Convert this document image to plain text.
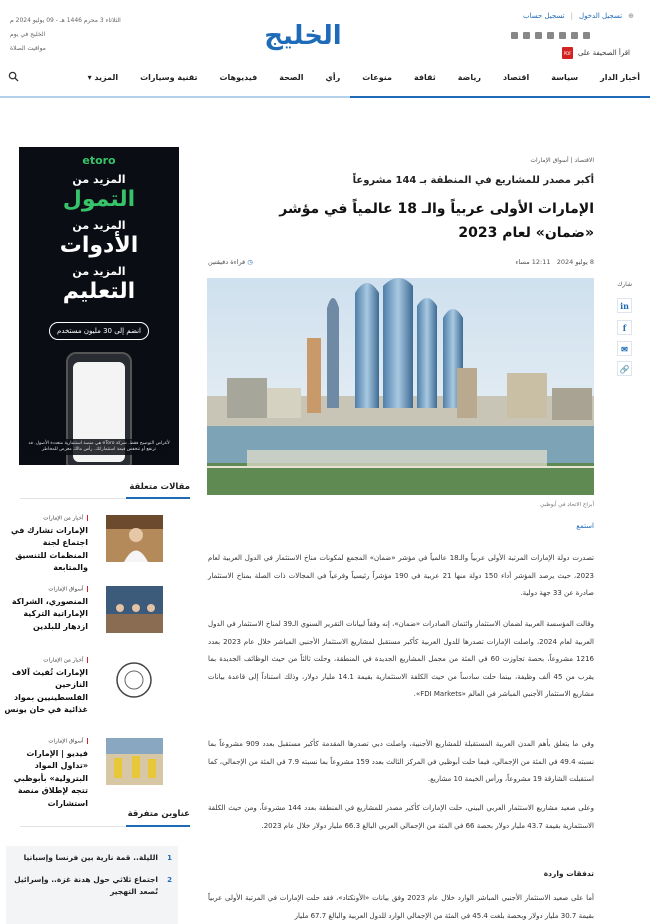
⊕
تسجيل الدخول
|
تسجيل حساب
اقرأ الصحيفة على
PDF
الخليج
الثلاثاء 3 محرم 1446 هـ - 09 يوليو 2024 م
الخليج في يوم
مواقيت الصلاة
أخبار الدار
سياسة
اقتصاد
رياضة
ثقافة
منوعات
رأي
الصحة
فيديوهات
تقنية وسيارات
المزيد ▾
etoro
المزيد من
التمول
المزيد من
الأدوات
المزيد من
التعليم
انضم إلى 30 مليون مستخدم
لأغراض التوضيح فقط. شركة eToro هي منصة استثمارية متعددة الأصول. قد ترتفع أو تنخفض قيمة استثماراتك. رأس مالك معرض للمخاطر
الاقتصاد | أسواق الإمارات
أكبر مصدر للمشاريع في المنطقة بـ 144 مشروعاً
الإمارات الأولى عربياً والـ 18 عالمياً في مؤشر «ضمان» لعام 2023
8 يوليو 2024   12:11 مساء
◷ قراءة دقيقتين
أبراج الاتحاد في أبوظبي
استمع
تصدرت دولة الإمارات المرتبة الأولى عربياً والـ18 عالمياً في مؤشر «ضمان» المجمع لمكونات مناخ الاستثمار في الدول العربية لعام 2023، حيث يرصد المؤشر أداء 150 دولة منها 21 عربية في 190 مؤشراً رئيسياً وفرعياً في المجالات ذات الصلة بمناخ الاستثمار صادرة عن 33 جهة دولية.
وقالت المؤسسة العربية لضمان الاستثمار وائتمان الصادرات «ضمان»، إنه وفقاً لبيانات التقرير السنوي الـ39 لمناخ الاستثمار في الدول العربية لعام 2024، واصلت الإمارات تصدرها للدول العربية كأكبر مستقبل لمشاريع الاستثمار الأجنبي المباشر خلال عام 2023 بعدد 1216 مشروعاً، بحصة تجاوزت 60 في المئة من مجمل المشاريع الجديدة في المنطقة، وحلت ثالثاً من حيث الوظائف الجديدة بما يقرب من 45 ألف وظيفة، بينما حلت سادساً من حيث الكلفة الاستثمارية بقيمة 14.1 مليار دولار، وذلك استناداً إلى قاعدة بيانات مشاريع الاستثمار الأجنبي المباشر في العالم «FDI Markets».
وفي ما يتعلق بأهم المدن العربية المستقبلة للمشاريع الأجنبية، واصلت دبي تصدرها المقدمة كأكبر مستقبل بعدد 909 مشروعاً بما نسبته 49.4 في المئة من الإجمالي، فيما حلت أبوظبي في المركز الثالث بعدد 159 مشروعاً بما نسبته 7.9 في المئة من الإجمالي، كما استقبلت الشارقة 19 مشروعاً، ورأس الخيمة 10 مشاريع.
وعلى صعيد مشاريع الاستثمار العربي البيني، حلت الإمارات كأكبر مصدر للمشاريع في المنطقة بعدد 144 مشروعاً، ومن حيث الكلفة الاستثمارية بقيمة 43.7 مليار دولار بحصة 66 في المئة من الإجمالي العربي البالغ 66.3 مليار دولار خلال عام 2023.
تدفقات واردة
أما على صعيد الاستثمار الأجنبي المباشر الوارد خلال عام 2023 وفق بيانات «الأونكتاد»، فقد حلت الإمارات في المرتبة الأولى عربياً بقيمة 30.7 مليار دولار وبحصة بلغت 45.4 في المئة من الإجمالي الوارد للدول العربية والبالغ 67.7 مليار
شارك
in
f
✉
🔗
مقالات متعلقة
أخبار من الإمارات
الإمارات تشارك في اجتماع لجنة المنظمات للتنسيق والمتابعة
أسواق الإمارات
المنصوري، الشراكة الإماراتية التركية ازدهار للبلدين
أخبار من الإمارات
الإمارات تُفيث آلاف النازحين الفلسطينيين بمواد غذائية في خان يونس
أسواق الإمارات
فيديو | الإمارات «تداول المواد البترولية» بأبوظبي تتجه لإطلاق منصة استشارات
عناوين متفرقة
1
الليلة.. قمة نارية بين فرنسا وإسبانيا
2
اجتماع ثلاثي حول هدنة غزة.. وإسرائيل تُصعد التهجير
